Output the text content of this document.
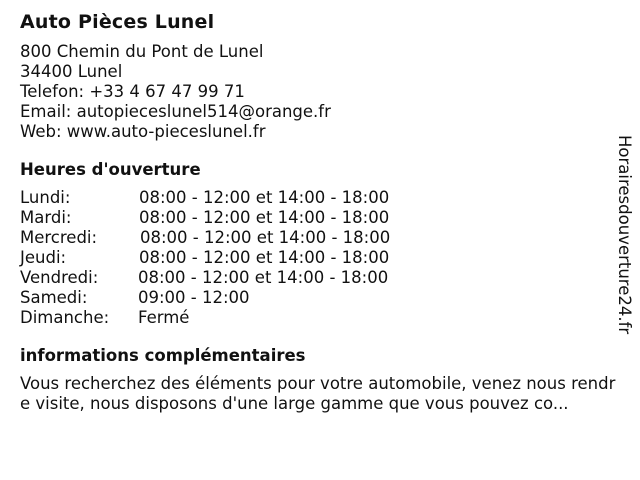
Auto Pièces Lunel
800 Chemin du Pont de Lunel
34400 Lunel
Telefon: +33 4 67 47 99 71
Email: autopieceslunel514@orange.fr
Web: www.auto-pieceslunel.fr
Heures d'ouverture
Lundi:	08:00 - 12:00 et 14:00 - 18:00
Mardi:	08:00 - 12:00 et 14:00 - 18:00
Mercredi:	08:00 - 12:00 et 14:00 - 18:00
Jeudi:	08:00 - 12:00 et 14:00 - 18:00
Vendredi: 08:00 - 12:00 et 14:00 - 18:00
Samedi:	09:00 - 12:00
Dimanche: Fermé
informations complémentaires
Vous recherchez des éléments pour votre automobile, venez nous rendre visite, nous disposons d'une large gamme que vous pouvez co...
Horairesdouverture24.fr
